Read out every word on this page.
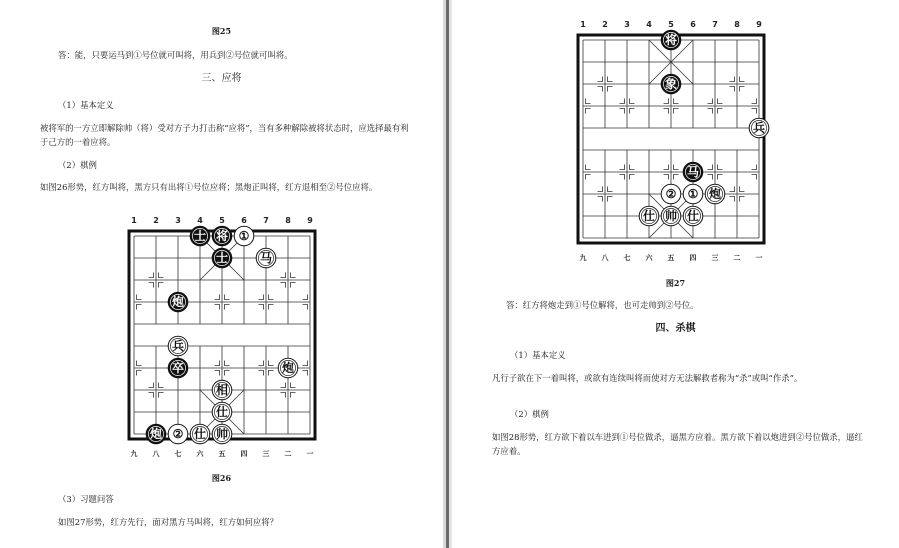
图25
答：能，只要运马到①号位就可叫将，用兵到②号位就可叫将。
三、应将
（1）基本定义
被将军的一方立即解除帅（将）受对方子力打击称“应将”，当有多种解除被将状态时，应选择最有利于己方的一着应将。
（2）棋例
如图26形势，红方叫将，黑方只有出将①号位应将；黑炮正叫将，红方退相至②号位应将。
1 2 3 4 5 6 7 8 9
九 八 七 六 五 四 三 二 一
士 将 ①
士	马
炮
兵
卒	炮
相
仕
炮 ② 仕 帅
图26
（3）习题问答
如图27形势，红方先行，面对黑方马叫将，红方如何应将？
1 2 3 4 5 6 7 8 9
九 八 七 六 五 四 三 二 一
将
象
兵
马
② ① 炮
仕 帅 仕
图27
答：红方将炮走到①号位解将，也可走帅到②号位。
四、杀棋
（1）基本定义
凡行子欲在下一着叫将，或欲有连续叫将而使对方无法解救者称为“杀”或叫“作杀”。
（2）棋例
如图28形势，红方欲下着以车进到①号位做杀，逼黑方应着。黑方欲下着以炮进到②号位做杀，逼红方应着。
